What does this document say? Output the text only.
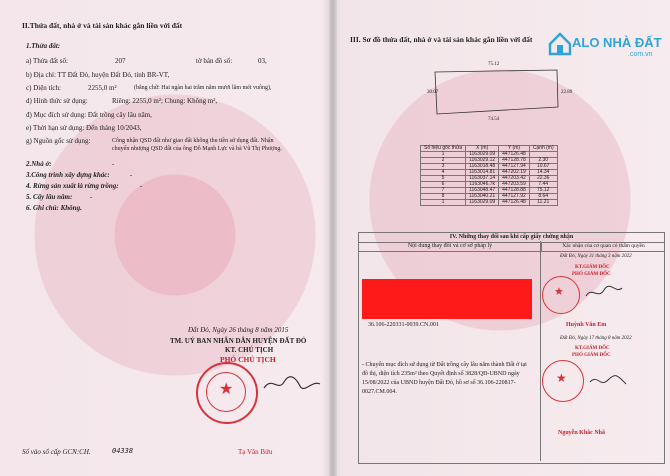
II.Thửa đất, nhà ở và tài sản khác gắn liền với đất
1.Thửa đất:
a) Thửa đất số:	207	tờ bản đồ số:	03,
b) Địa chỉ: TT Đất Đỏ, huyện Đất Đỏ, tỉnh BR-VT,
c) Diện tích:	2255,0 m²	(bằng chữ: Hai ngàn hai trăm năm mươi lăm mét vuông),
d) Hình thức sử dụng:	Riêng: 2255,0 m²; Chung: Không m²,
đ) Mục đích sử dụng: Đất trồng cây lâu năm,
e) Thời hạn sử dụng: Đến tháng 10/2043,
g) Nguồn gốc sử dụng:	Công nhận QSD đất như giao đất không thu tiền sử dụng đất. Nhận
chuyển nhượng QSD đất của ông Đỗ Mạnh Lực và bà Vũ Thị Phượng.
2.Nhà ở:	-
3.Công trình xây dựng khác:	-
4. Rừng sản xuất là rừng trồng:	-
5. Cây lâu năm:	-
6. Ghi chú: Không.
Đất Đỏ, Ngày 26 tháng 8 năm 2015
TM. UỶ BAN NHÂN DÂN HUYỆN ĐẤT ĐỎ
KT. CHỦ TỊCH
PHÓ CHỦ TỊCH
★
Tạ Văn Bửu
Số vào sổ cấp GCN:CH.	04338
III. Sơ đồ thửa đất, nhà ở và tài sản khác gắn liền với đất
75.12
74.54
30.07	22.89
Số hiệu góc thửa	X (m)	Y (m)	Cạnh (m)
1	1163029.09	447126.48	
2	1163029.12	447128.78	2.30
3	1163018.48	447127.94	10.67
4	1163014.81	447202.19	14.34
5	1163037.14	447203.42	22.36
6	1163046.7k	447203.59	7.44
7	1163048.47	447128.88	75.12
8	1163040.21	447127.92	8.64
1	1163029.09	447126.48	11.21
IV. Những thay đổi sau khi cấp giấy chứng nhận
Nội dung thay đổi và cơ sở pháp lý	Xác nhận của cơ quan có thẩm quyền
36.106-220331-0039.CN.001
- Chuyển mục đích sử dụng từ Đất trồng cây lâu năm thành Đất ở tại
đô thị, diện tích 235m² theo Quyết định số 3828/QĐ-UBND ngày
15/08/2022 của UBND huyện Đất Đỏ, hồ sơ số 36.106-220817-
0027.CM.004.
Đất Đỏ, Ngày 31 tháng 3 năm 2022
KT.GIÁM ĐỐC
PHÓ GIÁM ĐỐC
★
Huỳnh Văn Em
Đất Đỏ, Ngày 17 tháng 8 năm 2022
KT.GIÁM ĐỐC
PHÓ GIÁM ĐỐC
★
Nguyễn Khắc Nhã
ALO NHÀ ĐẤT
.com.vn
